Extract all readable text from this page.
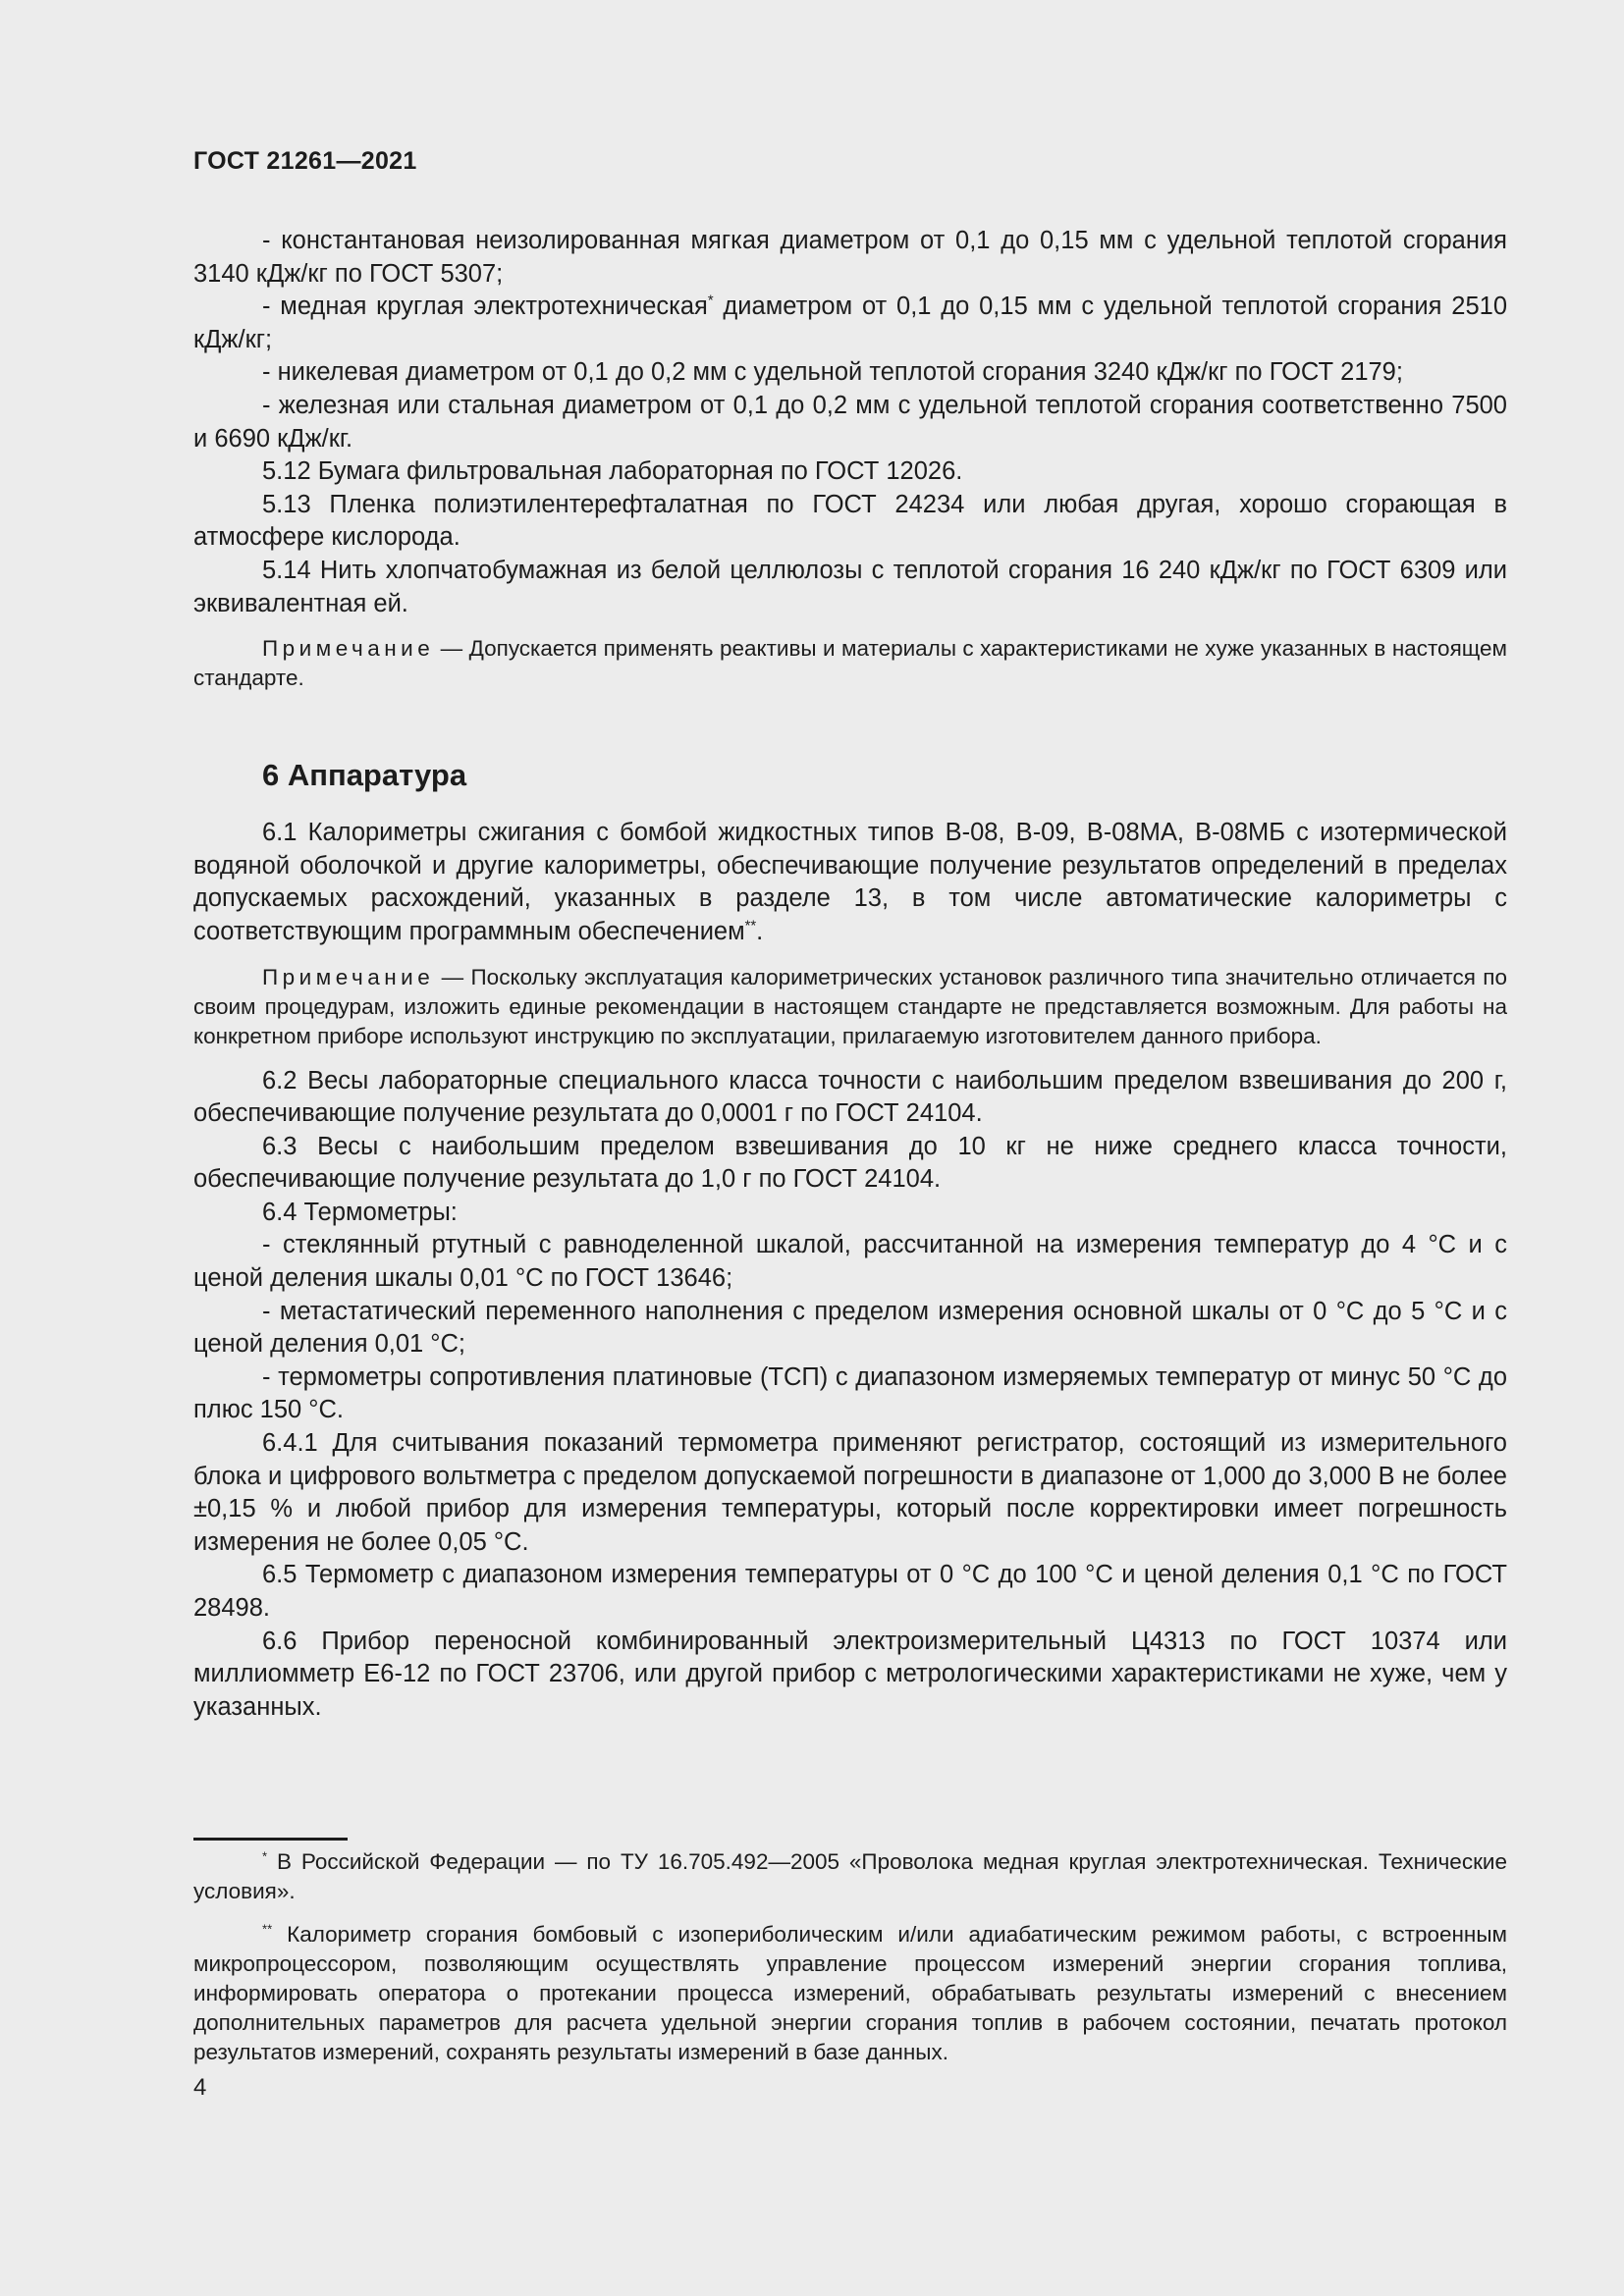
ГОСТ 21261—2021

- константановая неизолированная мягкая диаметром от 0,1 до 0,15 мм с удельной теплотой сгорания 3140 кДж/кг по ГОСТ 5307;

- медная круглая электротехническая* диаметром от 0,1 до 0,15 мм с удельной теплотой сгорания 2510 кДж/кг;

- никелевая диаметром от 0,1 до 0,2 мм с удельной теплотой сгорания 3240 кДж/кг по ГОСТ 2179;

- железная или стальная диаметром от 0,1 до 0,2 мм с удельной теплотой сгорания соответственно 7500 и 6690 кДж/кг.

5.12 Бумага фильтровальная лабораторная по ГОСТ 12026.

5.13 Пленка полиэтилентерефталатная по ГОСТ 24234 или любая другая, хорошо сгорающая в атмосфере кислорода.

5.14 Нить хлопчатобумажная из белой целлюлозы с теплотой сгорания 16 240 кДж/кг по ГОСТ 6309 или эквивалентная ей.

Примечание — Допускается применять реактивы и материалы с характеристиками не хуже указанных в настоящем стандарте.

6 Аппаратура

6.1 Калориметры сжигания с бомбой жидкостных типов В-08, В-09, В-08МА, В-08МБ с изотермической водяной оболочкой и другие калориметры, обеспечивающие получение результатов определений в пределах допускаемых расхождений, указанных в разделе 13, в том числе автоматические калориметры с соответствующим программным обеспечением**.

Примечание — Поскольку эксплуатация калориметрических установок различного типа значительно отличается по своим процедурам, изложить единые рекомендации в настоящем стандарте не представляется возможным. Для работы на конкретном приборе используют инструкцию по эксплуатации, прилагаемую изготовителем данного прибора.

6.2 Весы лабораторные специального класса точности с наибольшим пределом взвешивания до 200 г, обеспечивающие получение результата до 0,0001 г по ГОСТ 24104.

6.3 Весы с наибольшим пределом взвешивания до 10 кг не ниже среднего класса точности, обеспечивающие получение результата до 1,0 г по ГОСТ 24104.

6.4 Термометры:

- стеклянный ртутный с равноделенной шкалой, рассчитанной на измерения температур до 4 °С и с ценой деления шкалы 0,01 °С по ГОСТ 13646;

- метастатический переменного наполнения с пределом измерения основной шкалы от 0 °С до 5 °С и с ценой деления 0,01 °С;

- термометры сопротивления платиновые (ТСП) с диапазоном измеряемых температур от минус 50 °С до плюс 150 °С.

6.4.1 Для считывания показаний термометра применяют регистратор, состоящий из измерительного блока и цифрового вольтметра с пределом допускаемой погрешности в диапазоне от 1,000 до 3,000 В не более ±0,15 % и любой прибор для измерения температуры, который после корректировки имеет погрешность измерения не более 0,05 °С.

6.5 Термометр с диапазоном измерения температуры от 0 °С до 100 °С и ценой деления 0,1 °С по ГОСТ 28498.

6.6 Прибор переносной комбинированный электроизмерительный Ц4313 по ГОСТ 10374 или миллиомметр Е6-12 по ГОСТ 23706, или другой прибор с метрологическими характеристиками не хуже, чем у указанных.

* В Российской Федерации — по ТУ 16.705.492—2005 «Проволока медная круглая электротехническая. Технические условия».

** Калориметр сгорания бомбовый с изопериболическим и/или адиабатическим режимом работы, с встроенным микропроцессором, позволяющим осуществлять управление процессом измерений энергии сгорания топлива, информировать оператора о протекании процесса измерений, обрабатывать результаты измерений с внесением дополнительных параметров для расчета удельной энергии сгорания топлив в рабочем состоянии, печатать протокол результатов измерений, сохранять результаты измерений в базе данных.

4
